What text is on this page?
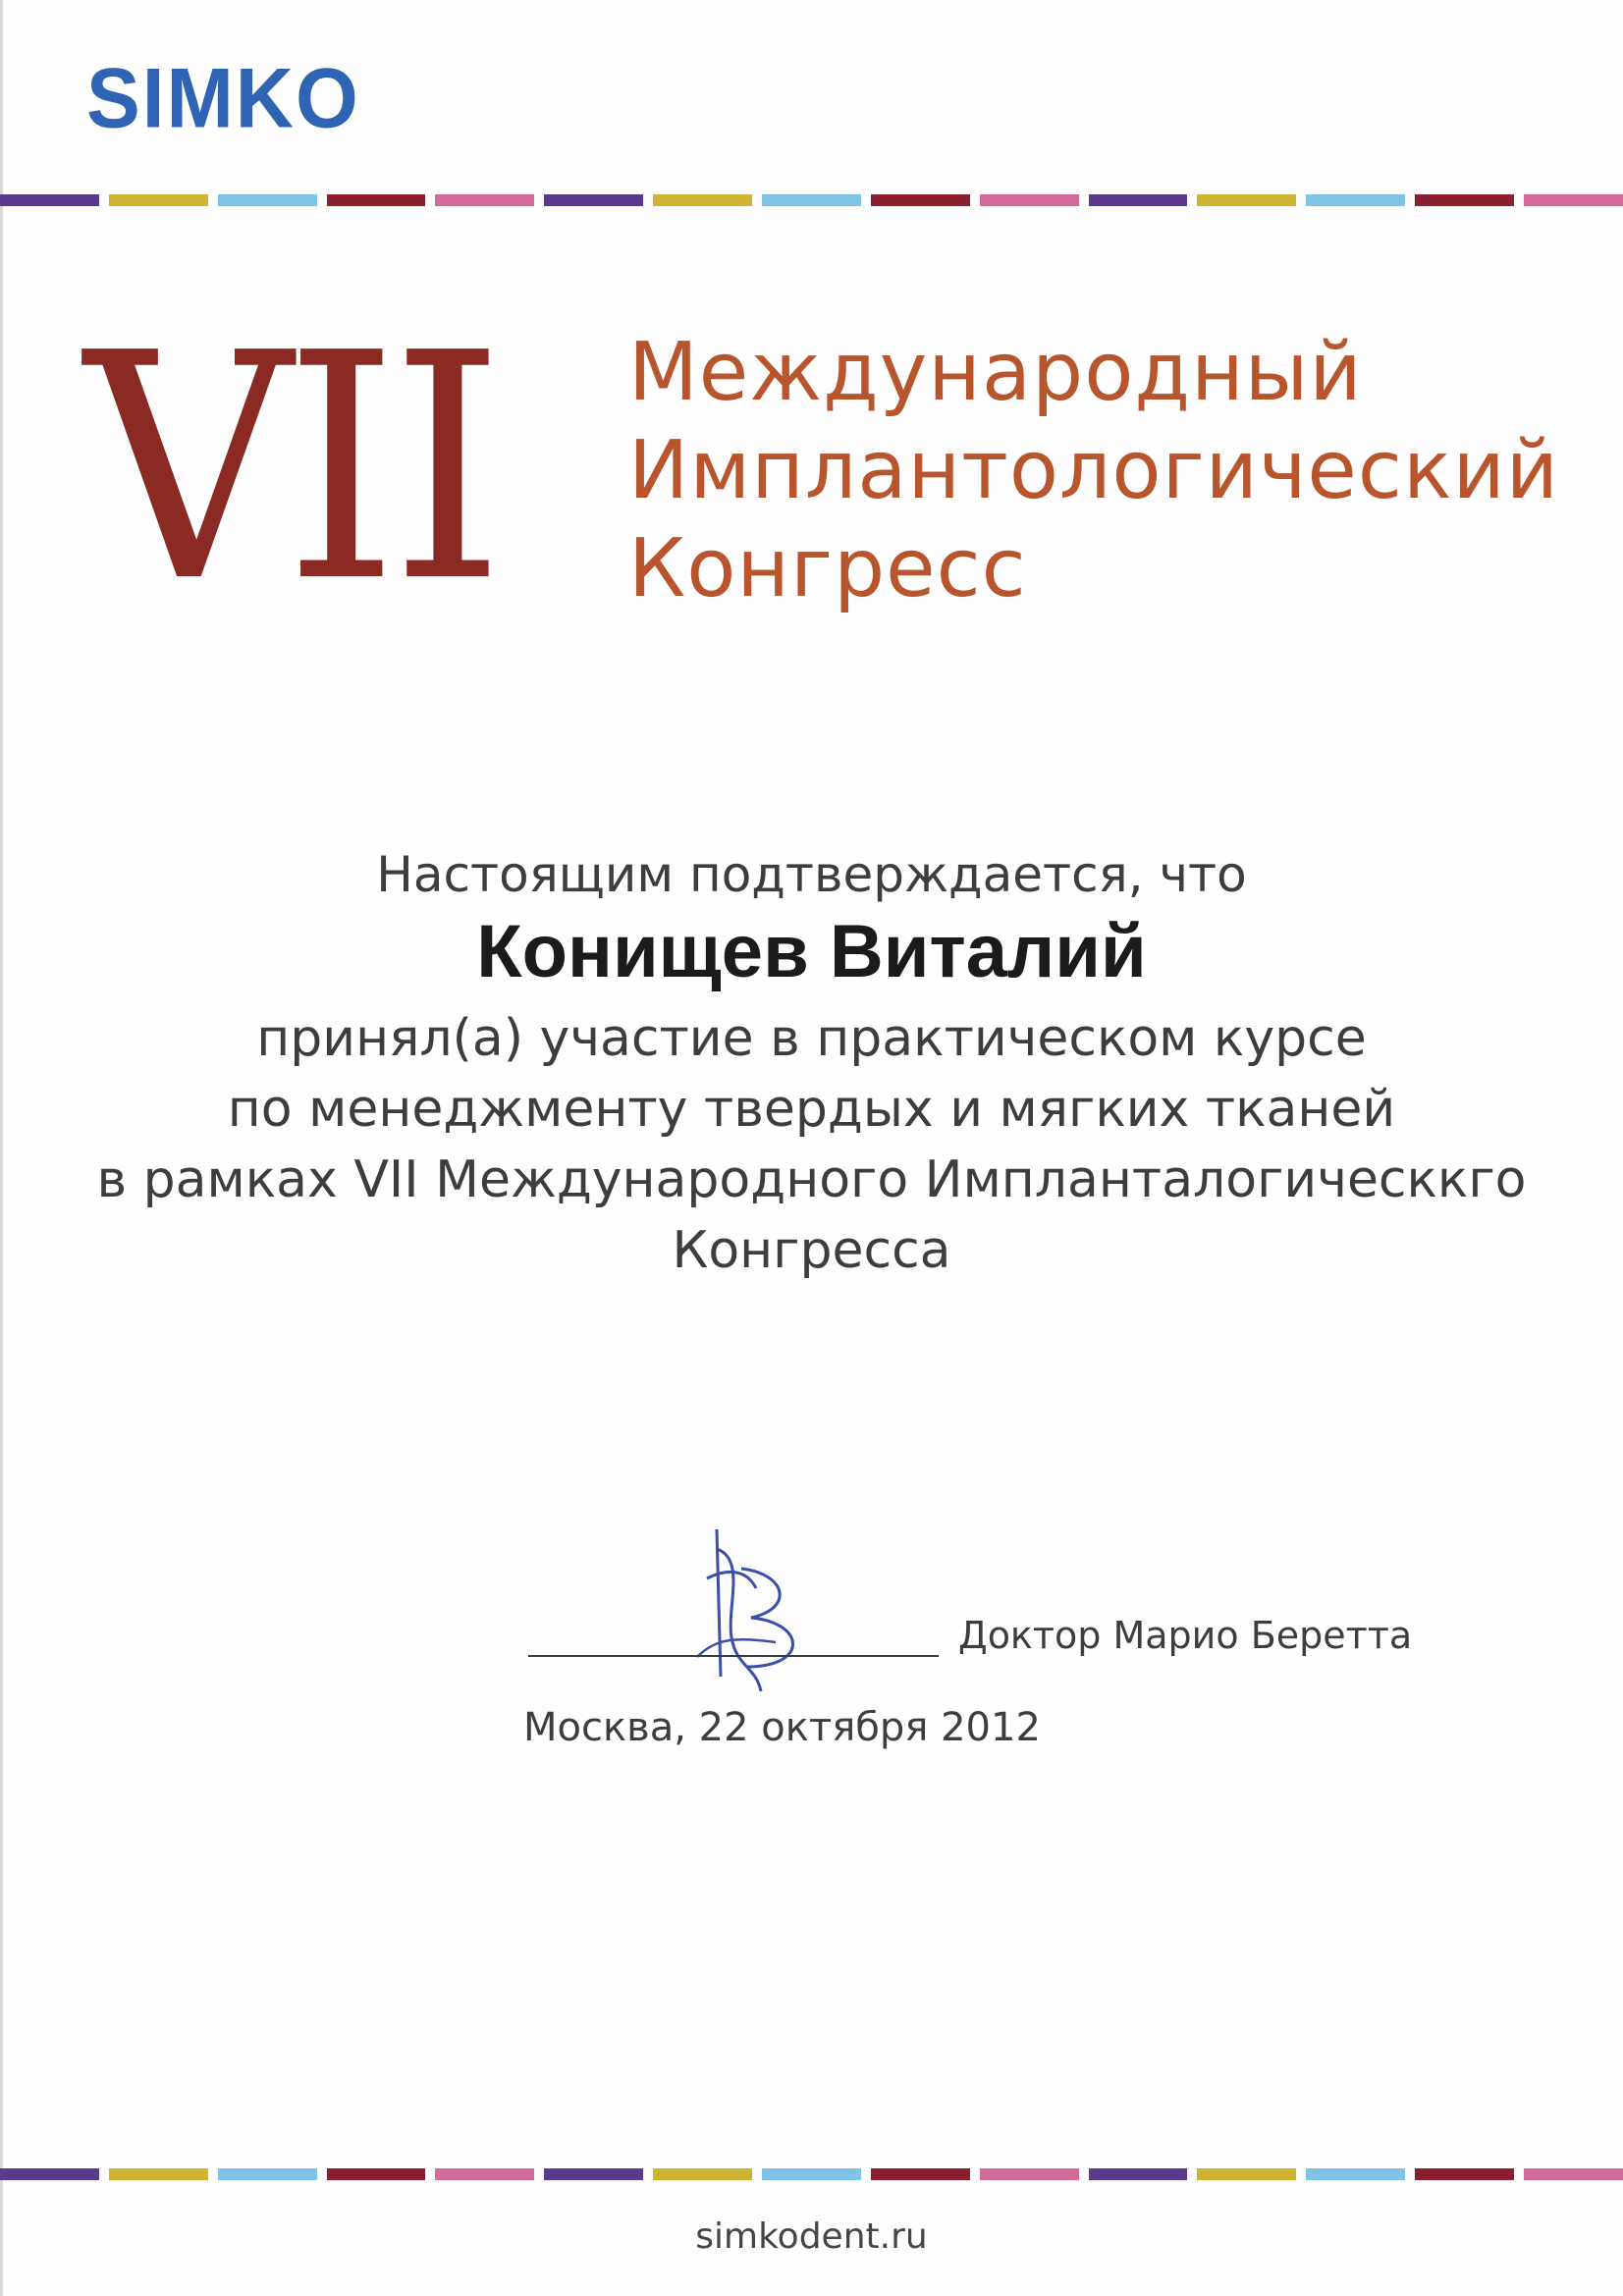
SIMKO
VII Международный
Имплантологический
Конгресс
Настоящим подтверждается, что
Конищев Виталий
принял(а) участие в практическом курсе
по менеджменту твердых и мягких тканей
в рамках VII Международного Импланталогическкго
Конгресса
Доктор Марио Беретта
Москва, 22 октября 2012
simkodent.ru
